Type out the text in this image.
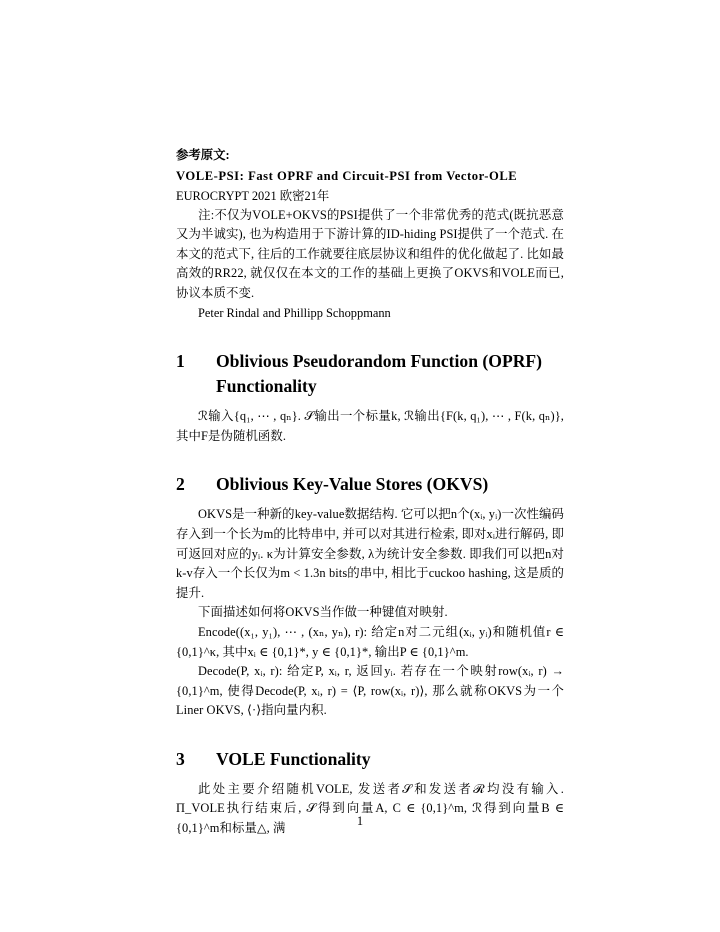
参考原文:
VOLE-PSI: Fast OPRF and Circuit-PSI from Vector-OLE
EUROCRYPT 2021 欧密21年
注:不仅为VOLE+OKVS的PSI提供了一个非常优秀的范式(既抗恶意又为半诚实), 也为构造用于下游计算的ID-hiding PSI提供了一个范式. 在本文的范式下, 往后的工作就要往底层协议和组件的优化做起了. 比如最高效的RR22, 就仅仅在本文的工作的基础上更换了OKVS和VOLE而已, 协议本质不变.
Peter Rindal and Phillipp Schoppmann
1	Oblivious Pseudorandom Function (OPRF)
Functionality

ℛ输入{q₁, ⋯ , qₙ}. 𝒮输出一个标量k, ℛ输出{F(k, q₁), ⋯ , F(k, qₙ)}, 其中F是伪随机函数.

2	Oblivious Key-Value Stores (OKVS)

OKVS是一种新的key-value数据结构. 它可以把n个(xᵢ, yᵢ)一次性编码存入到一个长为m的比特串中, 并可以对其进行检索, 即对xᵢ进行解码, 即可返回对应的yᵢ. κ为计算安全参数, λ为统计安全参数. 即我们可以把n对k-v存入一个长仅为m < 1.3n bits的串中, 相比于cuckoo hashing, 这是质的提升.

下面描述如何将OKVS当作做一种键值对映射.

Encode((x₁, y₁), ⋯ , (xₙ, yₙ), r): 给定n对二元组(xᵢ, yᵢ)和随机值r ∈ {0,1}^κ, 其中xᵢ ∈ {0,1}*, y ∈ {0,1}*, 输出P ∈ {0,1}^m.

Decode(P, xᵢ, r): 给定P, xᵢ, r, 返回yᵢ. 若存在一个映射row(xᵢ, r) → {0,1}^m, 使得Decode(P, xᵢ, r) = ⟨P, row(xᵢ, r)⟩, 那么就称OKVS为一个Liner OKVS, ⟨·⟩指向量内积.

3	VOLE Functionality

此处主要介绍随机VOLE, 发送者𝒮和发送者ℛ均没有输入. Π_VOLE执行结束后, 𝒮得到向量A, C ∈ {0,1}^m, ℛ得到向量B ∈ {0,1}^m和标量△, 满

1
